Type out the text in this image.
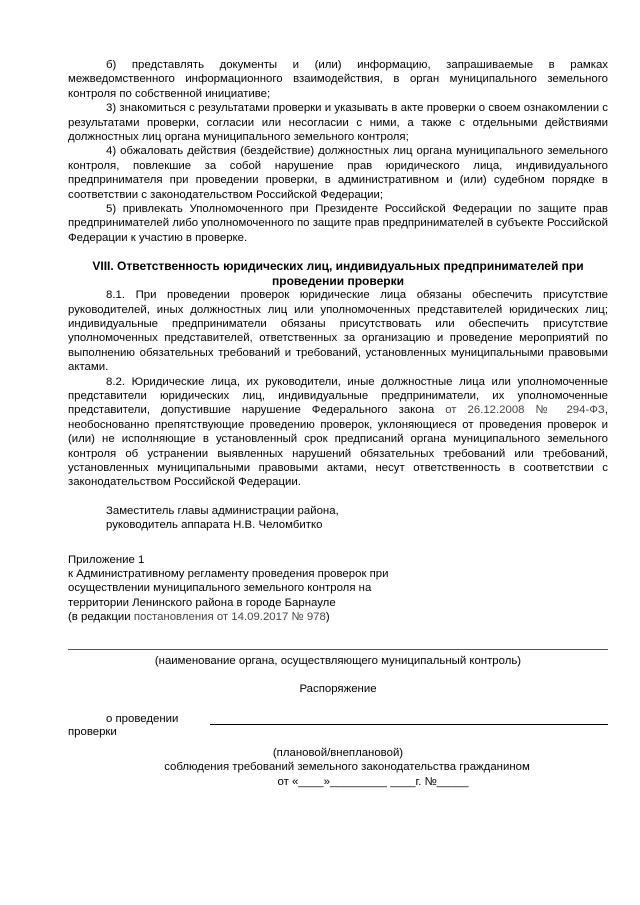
б) представлять документы и (или) информацию, запрашиваемые в рамках межведомственного информационного взаимодействия, в орган муниципального земельного контроля по собственной инициативе;

3) знакомиться с результатами проверки и указывать в акте проверки о своем ознакомлении с результатами проверки, согласии или несогласии с ними, а также с отдельными действиями должностных лиц органа муниципального земельного контроля;

4) обжаловать действия (бездействие) должностных лиц органа муниципального земельного контроля, повлекшие за собой нарушение прав юридического лица, индивидуального предпринимателя при проведении проверки, в административном и (или) судебном порядке в соответствии с законодательством Российской Федерации;

5) привлекать Уполномоченного при Президенте Российской Федерации по защите прав предпринимателей либо уполномоченного по защите прав предпринимателей в субъекте Российской Федерации к участию в проверке.

VIII. Ответственность юридических лиц, индивидуальных предпринимателей при проведении проверки

8.1. При проведении проверок юридические лица обязаны обеспечить присутствие руководителей, иных должностных лиц или уполномоченных представителей юридических лиц; индивидуальные предприниматели обязаны присутствовать или обеспечить присутствие уполномоченных представителей, ответственных за организацию и проведение мероприятий по выполнению обязательных требований и требований, установленных муниципальными правовыми актами.

8.2. Юридические лица, их руководители, иные должностные лица или уполномоченные представители юридических лиц, индивидуальные предприниматели, их уполномоченные представители, допустившие нарушение Федерального закона от 26.12.2008 № 294-ФЗ, необоснованно препятствующие проведению проверок, уклоняющиеся от проведения проверок и (или) не исполняющие в установленный срок предписаний органа муниципального земельного контроля об устранении выявленных нарушений обязательных требований или требований, установленных муниципальными правовыми актами, несут ответственность в соответствии с законодательством Российской Федерации.

Заместитель главы администрации района,

руководитель аппарата Н.В. Челомбитко

Приложение 1

к Административному регламенту проведения проверок при

осуществлении муниципального земельного контроля на

территории Ленинского района в городе Барнауле

(в редакции постановления от 14.09.2017 № 978)

(наименование органа, осуществляющего муниципальный контроль)

Распоряжение

о проведении

проверки

(плановой/внеплановой)

соблюдения требований земельного законодательства гражданином

от «____»_________ ____г. №_____
